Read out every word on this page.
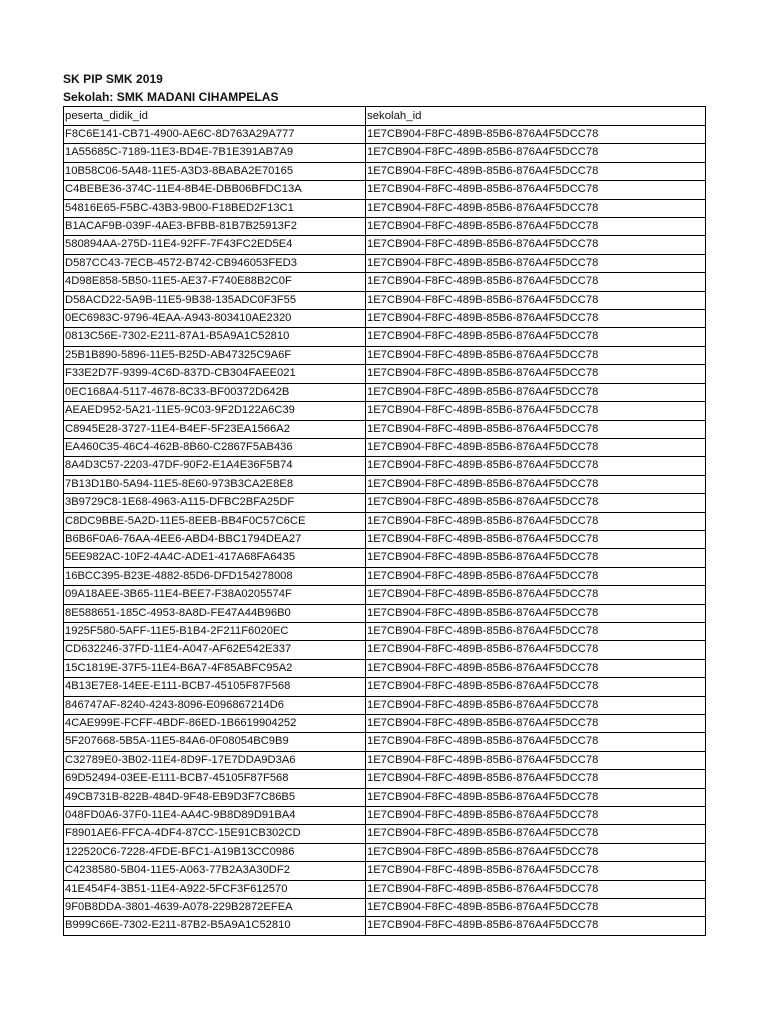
SK PIP SMK 2019
Sekolah: SMK MADANI CIHAMPELAS
peserta_didik_id	sekolah_id
F8C6E141-CB71-4900-AE6C-8D763A29A777	1E7CB904-F8FC-489B-85B6-876A4F5DCC78
1A55685C-7189-11E3-BD4E-7B1E391AB7A9	1E7CB904-F8FC-489B-85B6-876A4F5DCC78
10B58C06-5A48-11E5-A3D3-8BABA2E70165	1E7CB904-F8FC-489B-85B6-876A4F5DCC78
C4BEBE36-374C-11E4-8B4E-DBB06BFDC13A	1E7CB904-F8FC-489B-85B6-876A4F5DCC78
54816E65-F5BC-43B3-9B00-F18BED2F13C1	1E7CB904-F8FC-489B-85B6-876A4F5DCC78
B1ACAF9B-039F-4AE3-BFBB-81B7B25913F2	1E7CB904-F8FC-489B-85B6-876A4F5DCC78
580894AA-275D-11E4-92FF-7F43FC2ED5E4	1E7CB904-F8FC-489B-85B6-876A4F5DCC78
D587CC43-7ECB-4572-B742-CB946053FED3	1E7CB904-F8FC-489B-85B6-876A4F5DCC78
4D98E858-5B50-11E5-AE37-F740E88B2C0F	1E7CB904-F8FC-489B-85B6-876A4F5DCC78
D58ACD22-5A9B-11E5-9B38-135ADC0F3F55	1E7CB904-F8FC-489B-85B6-876A4F5DCC78
0EC6983C-9796-4EAA-A943-803410AE2320	1E7CB904-F8FC-489B-85B6-876A4F5DCC78
0813C56E-7302-E211-87A1-B5A9A1C52810	1E7CB904-F8FC-489B-85B6-876A4F5DCC78
25B1B890-5896-11E5-B25D-AB47325C9A6F	1E7CB904-F8FC-489B-85B6-876A4F5DCC78
F33E2D7F-9399-4C6D-837D-CB304FAEE021	1E7CB904-F8FC-489B-85B6-876A4F5DCC78
0EC168A4-5117-4678-8C33-BF00372D642B	1E7CB904-F8FC-489B-85B6-876A4F5DCC78
AEAED952-5A21-11E5-9C03-9F2D122A6C39	1E7CB904-F8FC-489B-85B6-876A4F5DCC78
C8945E28-3727-11E4-B4EF-5F23EA1566A2	1E7CB904-F8FC-489B-85B6-876A4F5DCC78
EA460C35-46C4-462B-8B60-C2867F5AB436	1E7CB904-F8FC-489B-85B6-876A4F5DCC78
8A4D3C57-2203-47DF-90F2-E1A4E36F5B74	1E7CB904-F8FC-489B-85B6-876A4F5DCC78
7B13D1B0-5A94-11E5-8E60-973B3CA2E8E8	1E7CB904-F8FC-489B-85B6-876A4F5DCC78
3B9729C8-1E68-4963-A115-DFBC2BFA25DF	1E7CB904-F8FC-489B-85B6-876A4F5DCC78
C8DC9BBE-5A2D-11E5-8EEB-BB4F0C57C6CE	1E7CB904-F8FC-489B-85B6-876A4F5DCC78
B6B6F0A6-76AA-4EE6-ABD4-BBC1794DEA27	1E7CB904-F8FC-489B-85B6-876A4F5DCC78
5EE982AC-10F2-4A4C-ADE1-417A68FA6435	1E7CB904-F8FC-489B-85B6-876A4F5DCC78
16BCC395-B23E-4882-85D6-DFD154278008	1E7CB904-F8FC-489B-85B6-876A4F5DCC78
09A18AEE-3B65-11E4-BEE7-F38A0205574F	1E7CB904-F8FC-489B-85B6-876A4F5DCC78
8E588651-185C-4953-8A8D-FE47A44B96B0	1E7CB904-F8FC-489B-85B6-876A4F5DCC78
1925F580-5AFF-11E5-B1B4-2F211F6020EC	1E7CB904-F8FC-489B-85B6-876A4F5DCC78
CD632246-37FD-11E4-A047-AF62E542E337	1E7CB904-F8FC-489B-85B6-876A4F5DCC78
15C1819E-37F5-11E4-B6A7-4F85ABFC95A2	1E7CB904-F8FC-489B-85B6-876A4F5DCC78
4B13E7E8-14EE-E111-BCB7-45105F87F568	1E7CB904-F8FC-489B-85B6-876A4F5DCC78
846747AF-8240-4243-8096-E096867214D6	1E7CB904-F8FC-489B-85B6-876A4F5DCC78
4CAE999E-FCFF-4BDF-86ED-1B6619904252	1E7CB904-F8FC-489B-85B6-876A4F5DCC78
5F207668-5B5A-11E5-84A6-0F08054BC9B9	1E7CB904-F8FC-489B-85B6-876A4F5DCC78
C32789E0-3B02-11E4-8D9F-17E7DDA9D3A6	1E7CB904-F8FC-489B-85B6-876A4F5DCC78
69D52494-03EE-E111-BCB7-45105F87F568	1E7CB904-F8FC-489B-85B6-876A4F5DCC78
49CB731B-822B-484D-9F48-EB9D3F7C86B5	1E7CB904-F8FC-489B-85B6-876A4F5DCC78
048FD0A6-37F0-11E4-AA4C-9B8D89D91BA4	1E7CB904-F8FC-489B-85B6-876A4F5DCC78
F8901AE6-FFCA-4DF4-87CC-15E91CB302CD	1E7CB904-F8FC-489B-85B6-876A4F5DCC78
122520C6-7228-4FDE-BFC1-A19B13CC0986	1E7CB904-F8FC-489B-85B6-876A4F5DCC78
C4238580-5B04-11E5-A063-77B2A3A30DF2	1E7CB904-F8FC-489B-85B6-876A4F5DCC78
41E454F4-3B51-11E4-A922-5FCF3F612570	1E7CB904-F8FC-489B-85B6-876A4F5DCC78
9F0B8DDA-3801-4639-A078-229B2872EFEA	1E7CB904-F8FC-489B-85B6-876A4F5DCC78
B999C66E-7302-E211-87B2-B5A9A1C52810	1E7CB904-F8FC-489B-85B6-876A4F5DCC78
